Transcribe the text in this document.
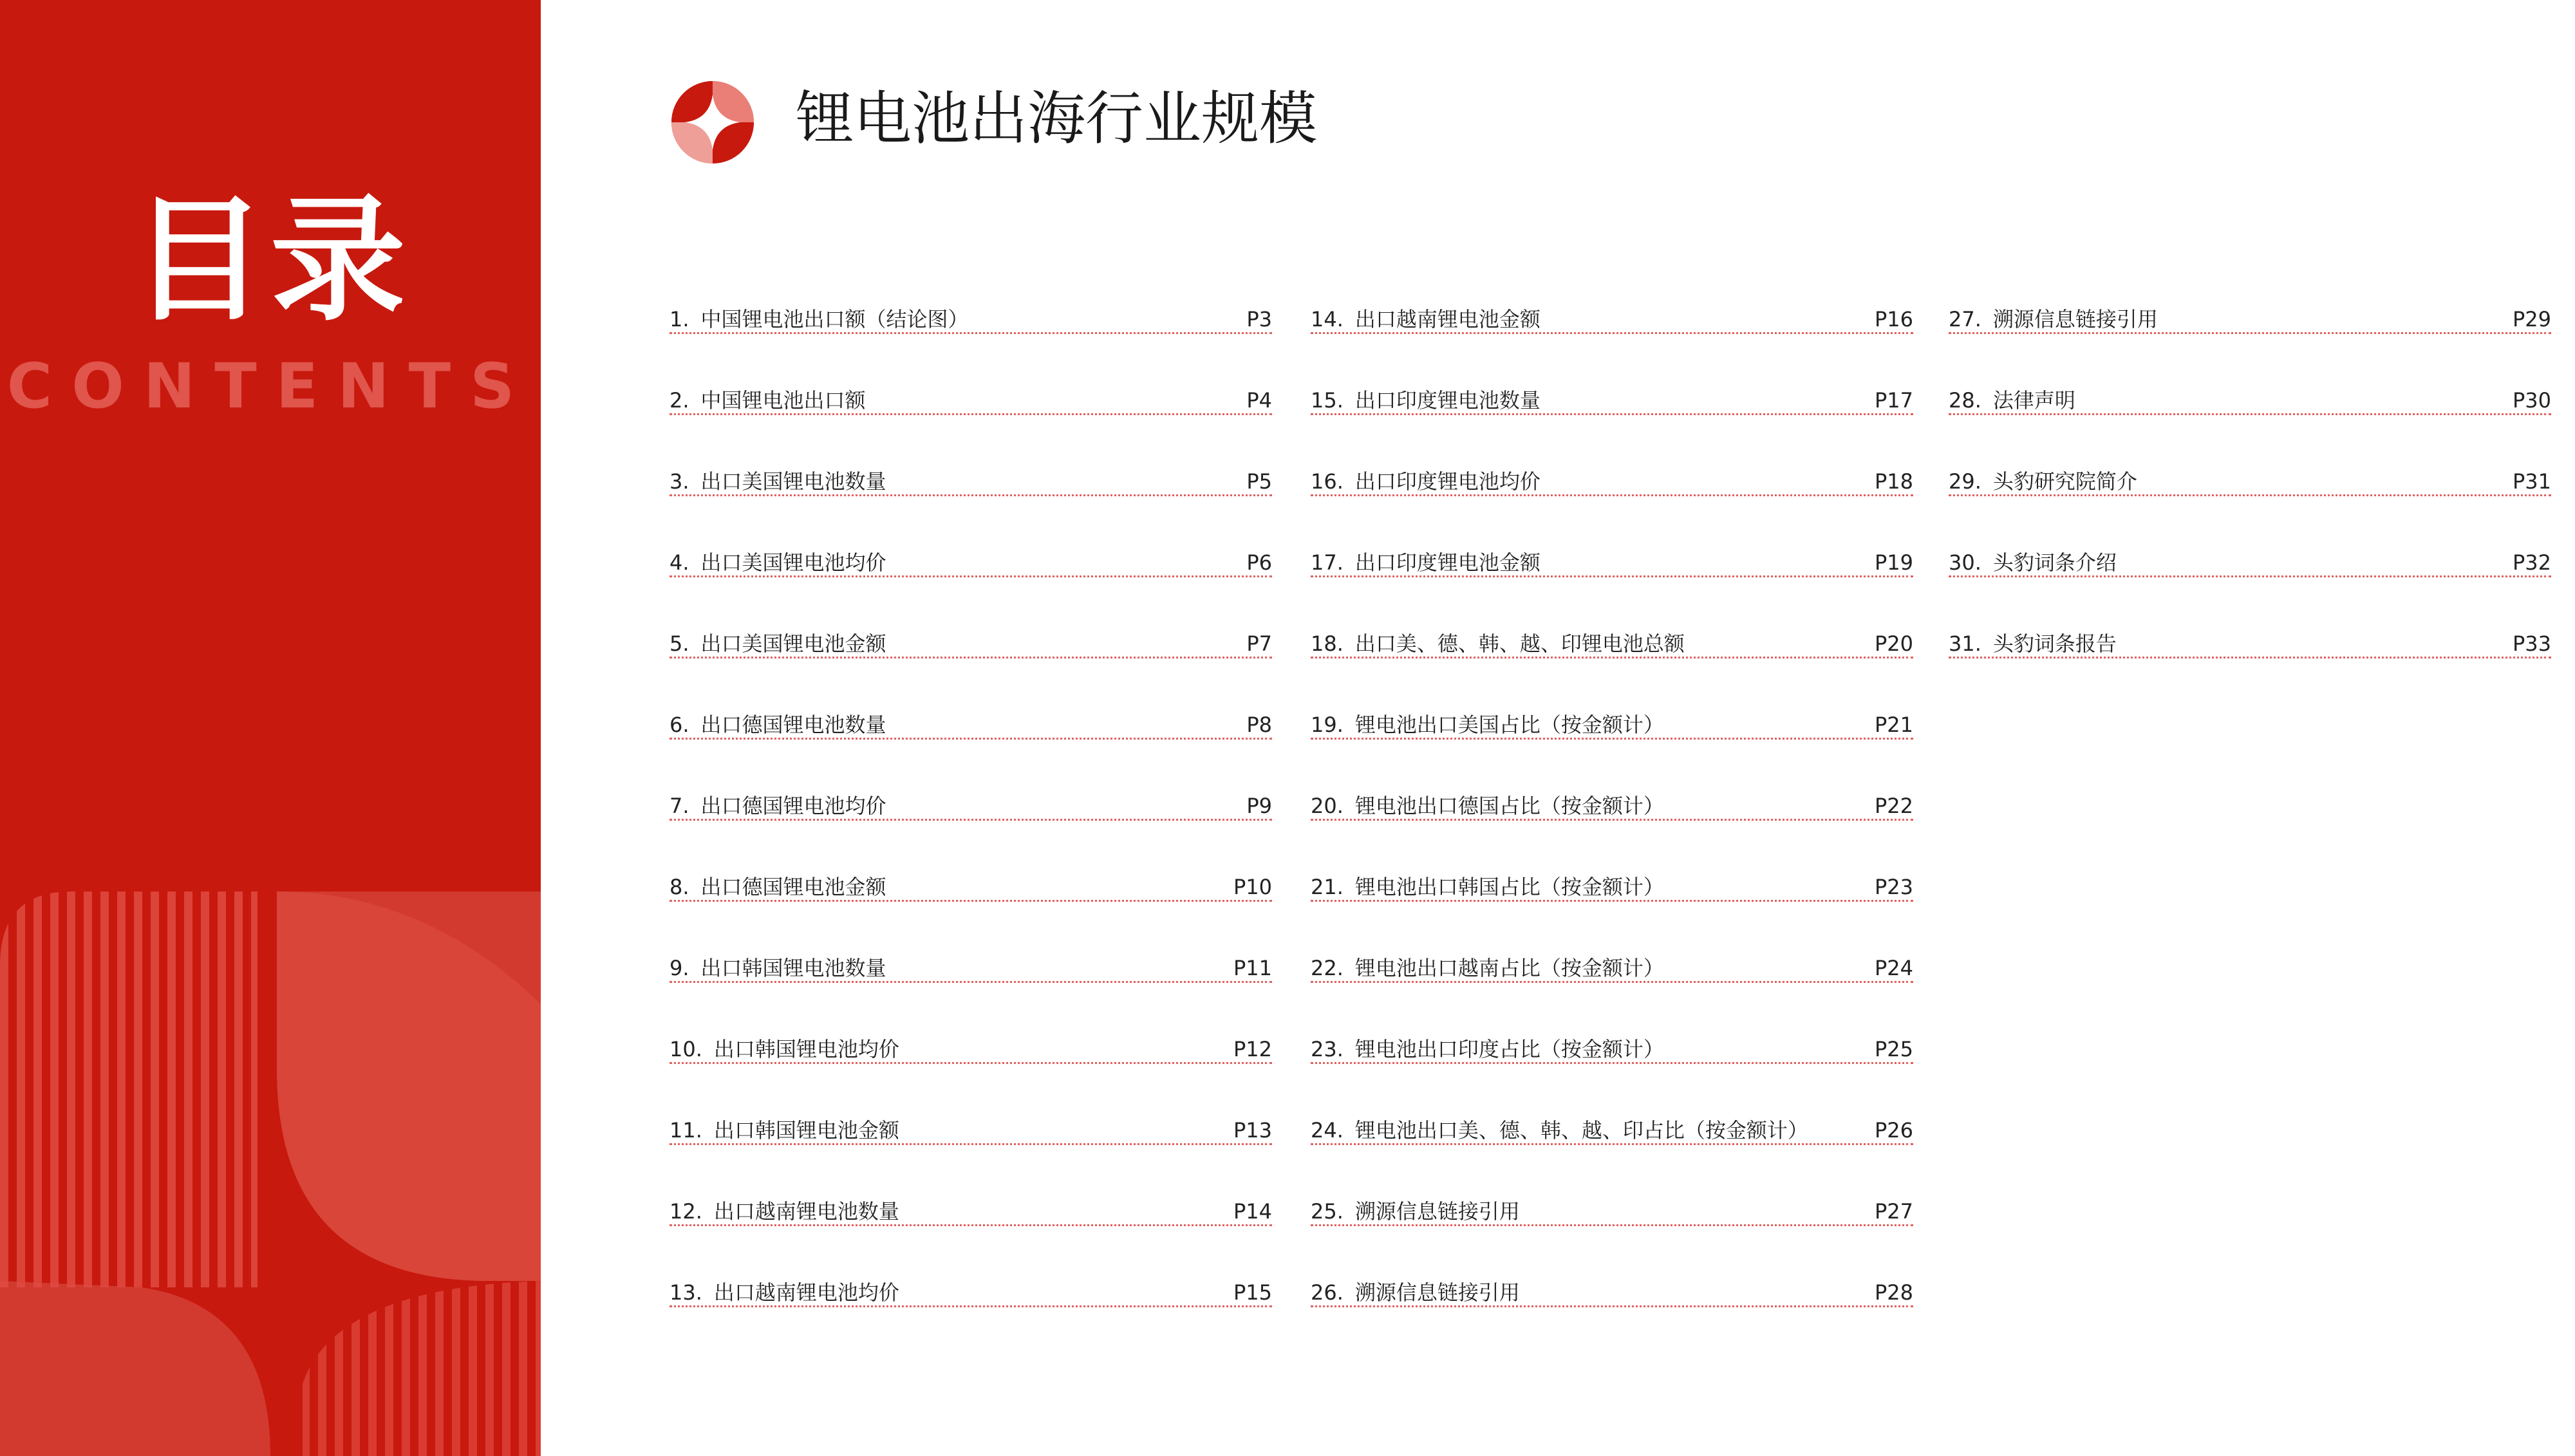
目录
CONTENTS
锂电池出海行业规模
1. 中国锂电池出口额（结论图）	P3
2. 中国锂电池出口额	P4
3. 出口美国锂电池数量	P5
4. 出口美国锂电池均价	P6
5. 出口美国锂电池金额	P7
6. 出口德国锂电池数量	P8
7. 出口德国锂电池均价	P9
8. 出口德国锂电池金额	P10
9. 出口韩国锂电池数量	P11
10. 出口韩国锂电池均价	P12
11. 出口韩国锂电池金额	P13
12. 出口越南锂电池数量	P14
13. 出口越南锂电池均价	P15
14. 出口越南锂电池金额	P16
15. 出口印度锂电池数量	P17
16. 出口印度锂电池均价	P18
17. 出口印度锂电池金额	P19
18. 出口美、德、韩、越、印锂电池总额	P20
19. 锂电池出口美国占比（按金额计）	P21
20. 锂电池出口德国占比（按金额计）	P22
21. 锂电池出口韩国占比（按金额计）	P23
22. 锂电池出口越南占比（按金额计）	P24
23. 锂电池出口印度占比（按金额计）	P25
24. 锂电池出口美、德、韩、越、印占比（按金额计）	P26
25. 溯源信息链接引用	P27
26. 溯源信息链接引用	P28
27. 溯源信息链接引用	P29
28. 法律声明	P30
29. 头豹研究院简介	P31
30. 头豹词条介绍	P32
31. 头豹词条报告	P33
